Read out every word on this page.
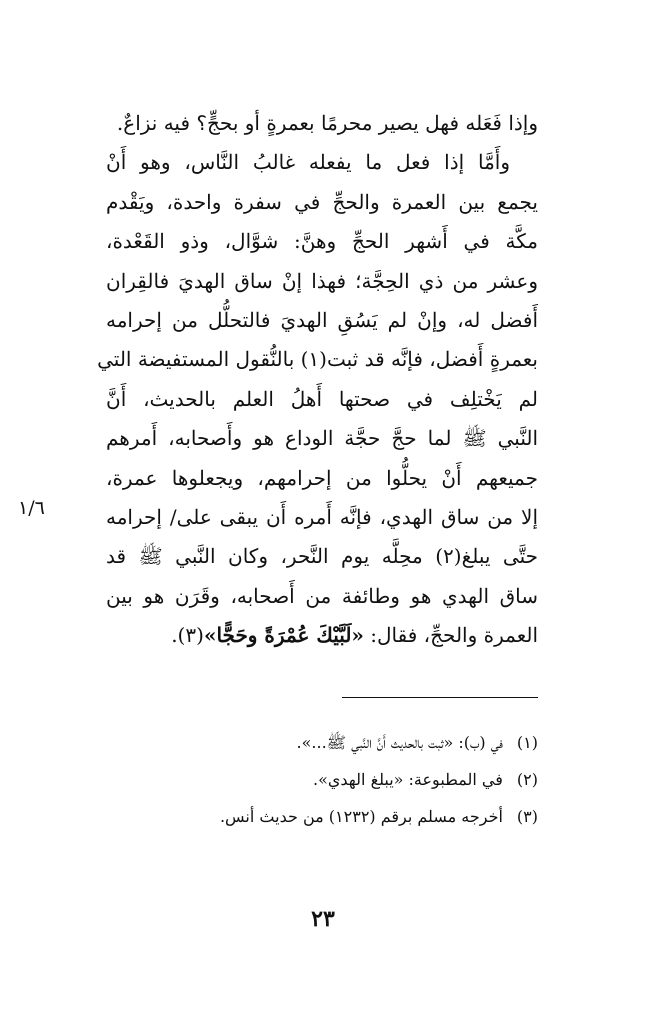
وإذا فَعَله فهل يصير محرمًا بعمرةٍ أو بحجٍّ؟ فيه نزاعٌ.
وأَمَّا إذا فعل ما يفعله غالبُ النَّاس، وهو أَنْ
يجمع بين العمرة والحجِّ في سفرة واحدة، ويَقْدم
مكَّة في أَشهر الحجِّ وهنَّ: شوَّال، وذو القَعْدة،
وعشر من ذي الحِجَّة؛ فهذا إنْ ساق الهديَ فالقِران
أَفضل له، وإنْ لم يَسُقِ الهديَ فالتحلُّل من إحرامه
بعمرةٍ أَفضل، فإنَّه قد ثبت(١) بالنُّقول المستفيضة التي
لم يَخْتلِف في صحتها أَهلُ العلم بالحديث، أَنَّ
النَّبي ﷺ لما حجَّ حجَّة الوداع هو وأَصحابه، أَمرهم
جميعهم أَنْ يحلُّوا من إحرامهم، ويجعلوها عمرة،
إلا من ساق الهدي، فإنَّه أَمره أَن يبقى على/ إحرامه
حتَّى يبلغ(٢) محِلَّه يوم النَّحر، وكان النَّبي ﷺ قد
ساق الهدي هو وطائفة من أَصحابه، وقَرَن هو بين
العمرة والحجِّ، فقال: «لَبَّيْكَ عُمْرَةً وحَجًّا»(٣).
١/٦
(١)في (ب): «ثبت بالحديث أَنَّ النَّبي ﷺ...».
(٢)في المطبوعة: «يبلغ الهدي».
(٣)أخرجه مسلم برقم (١٢٣٢) من حديث أنس.
٢٣
